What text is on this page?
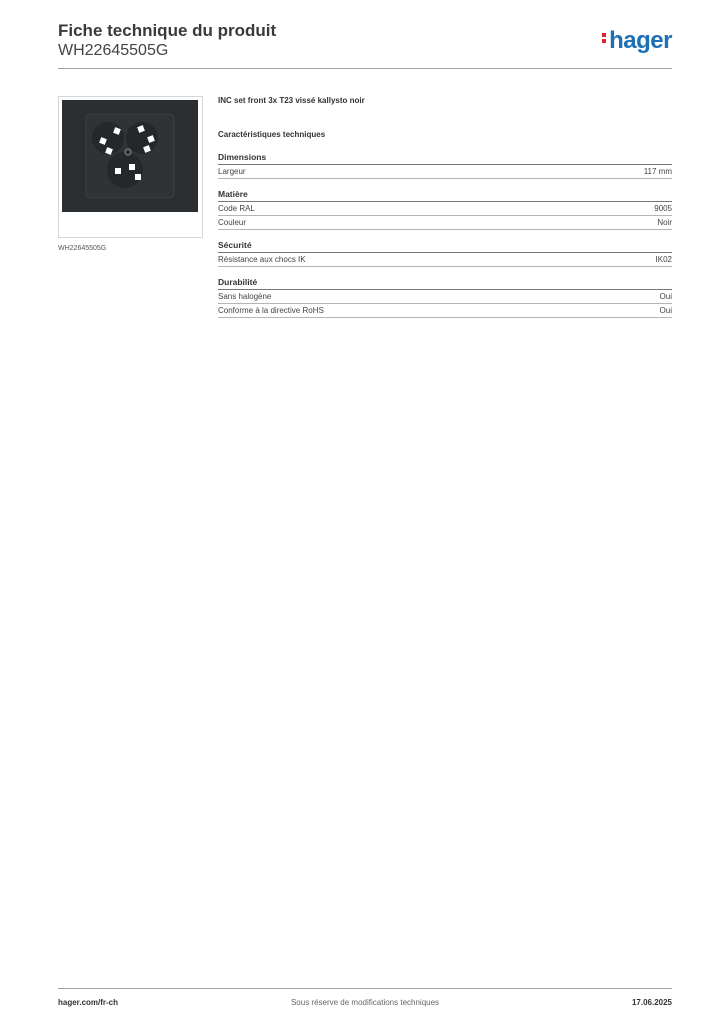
Fiche technique du produit
WH22645505G	hager
WH22645505G
INC set front 3x T23 vissé kallysto noir
Caractéristiques techniques
Dimensions
Largeur	117 mm
Matière
Code RAL	9005
Couleur	Noir
Sécurité
Résistance aux chocs IK	IK02
Durabilité
Sans halogène	Oui
Conforme à la directive RoHS	Oui
hager.com/fr-ch	Sous réserve de modifications techniques	17.06.2025
